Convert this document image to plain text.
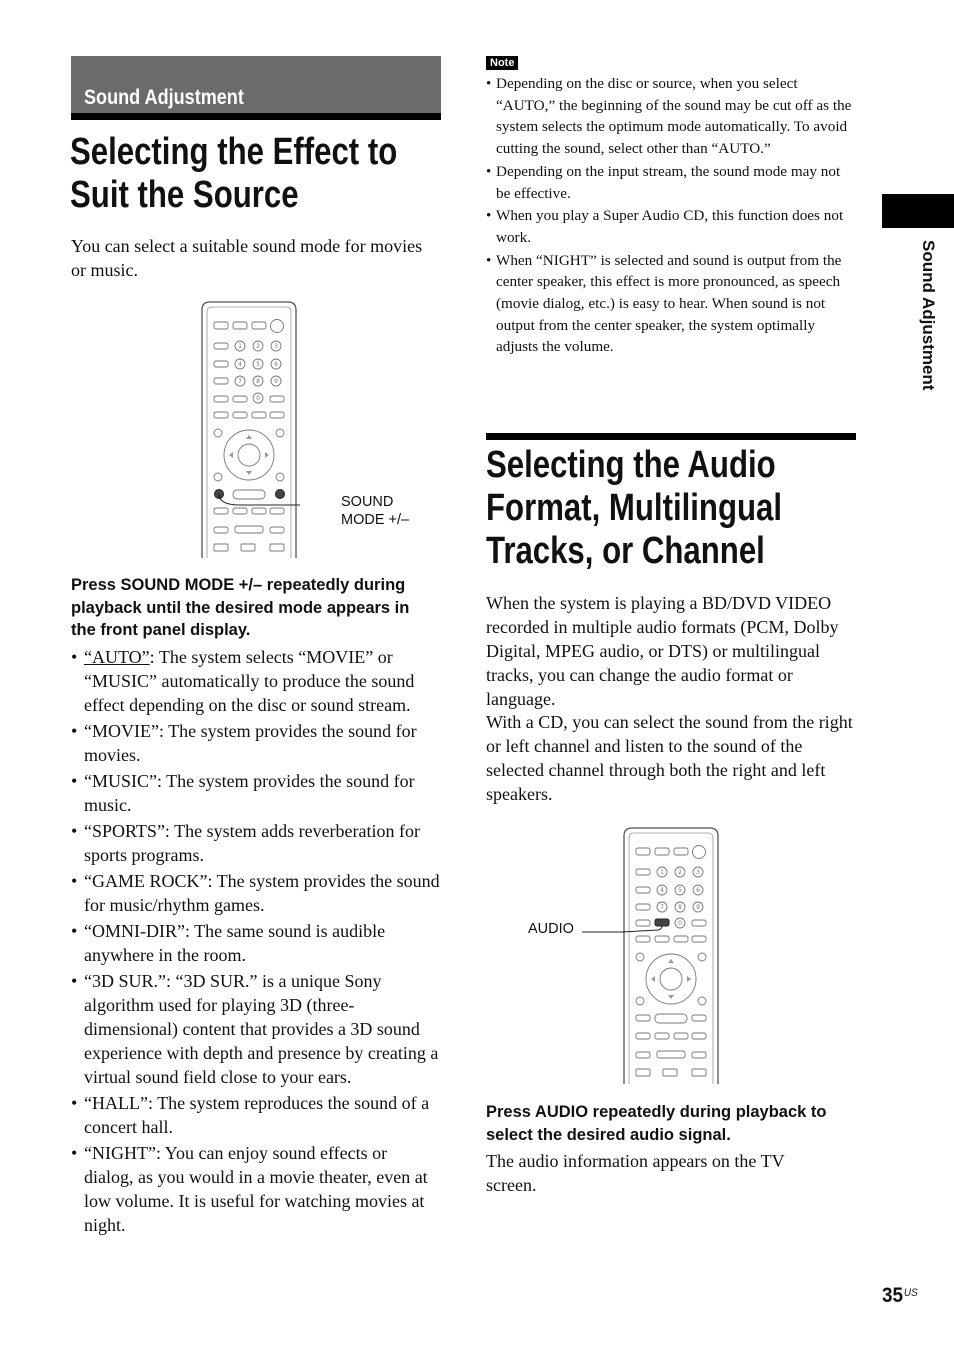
Sound Adjustment
Selecting the Effect to
Suit the Source

You can select a suitable sound mode for movies
or music.

1 2 3
4 5 6
7 8 9
0

SOUND
MODE +/–

Press SOUND MODE +/– repeatedly during
playback until the desired mode appears in
the front panel display.

• “AUTO”: The system selects “MOVIE” or “MUSIC” automatically to produce the sound effect depending on the disc or sound stream.
• “MOVIE”: The system provides the sound for movies.
• “MUSIC”: The system provides the sound for music.
• “SPORTS”: The system adds reverberation for sports programs.
• “GAME ROCK”: The system provides the sound for music/rhythm games.
• “OMNI-DIR”: The same sound is audible anywhere in the room.
• “3D SUR.”: “3D SUR.” is a unique Sony algorithm used for playing 3D (three-dimensional) content that provides a 3D sound experience with depth and presence by creating a virtual sound field close to your ears.
• “HALL”: The system reproduces the sound of a concert hall.
• “NIGHT”: You can enjoy sound effects or dialog, as you would in a movie theater, even at low volume. It is useful for watching movies at night.
Note
• Depending on the disc or source, when you select “AUTO,” the beginning of the sound may be cut off as the system selects the optimum mode automatically. To avoid cutting the sound, select other than “AUTO.”
• Depending on the input stream, the sound mode may not be effective.
• When you play a Super Audio CD, this function does not work.
• When “NIGHT” is selected and sound is output from the center speaker, this effect is more pronounced, as speech (movie dialog, etc.) is easy to hear. When sound is not output from the center speaker, the system optimally adjusts the volume.
Selecting the Audio
Format, Multilingual
Tracks, or Channel

When the system is playing a BD/DVD VIDEO recorded in multiple audio formats (PCM, Dolby Digital, MPEG audio, or DTS) or multilingual tracks, you can change the audio format or language.

With a CD, you can select the sound from the right or left channel and listen to the sound of the selected channel through both the right and left speakers.

1 2 3
4 5 6
7 8 9
0

AUDIO

Press AUDIO repeatedly during playback to
select the desired audio signal.

The audio information appears on the TV screen.

Sound Adjustment
$35^{US}$
